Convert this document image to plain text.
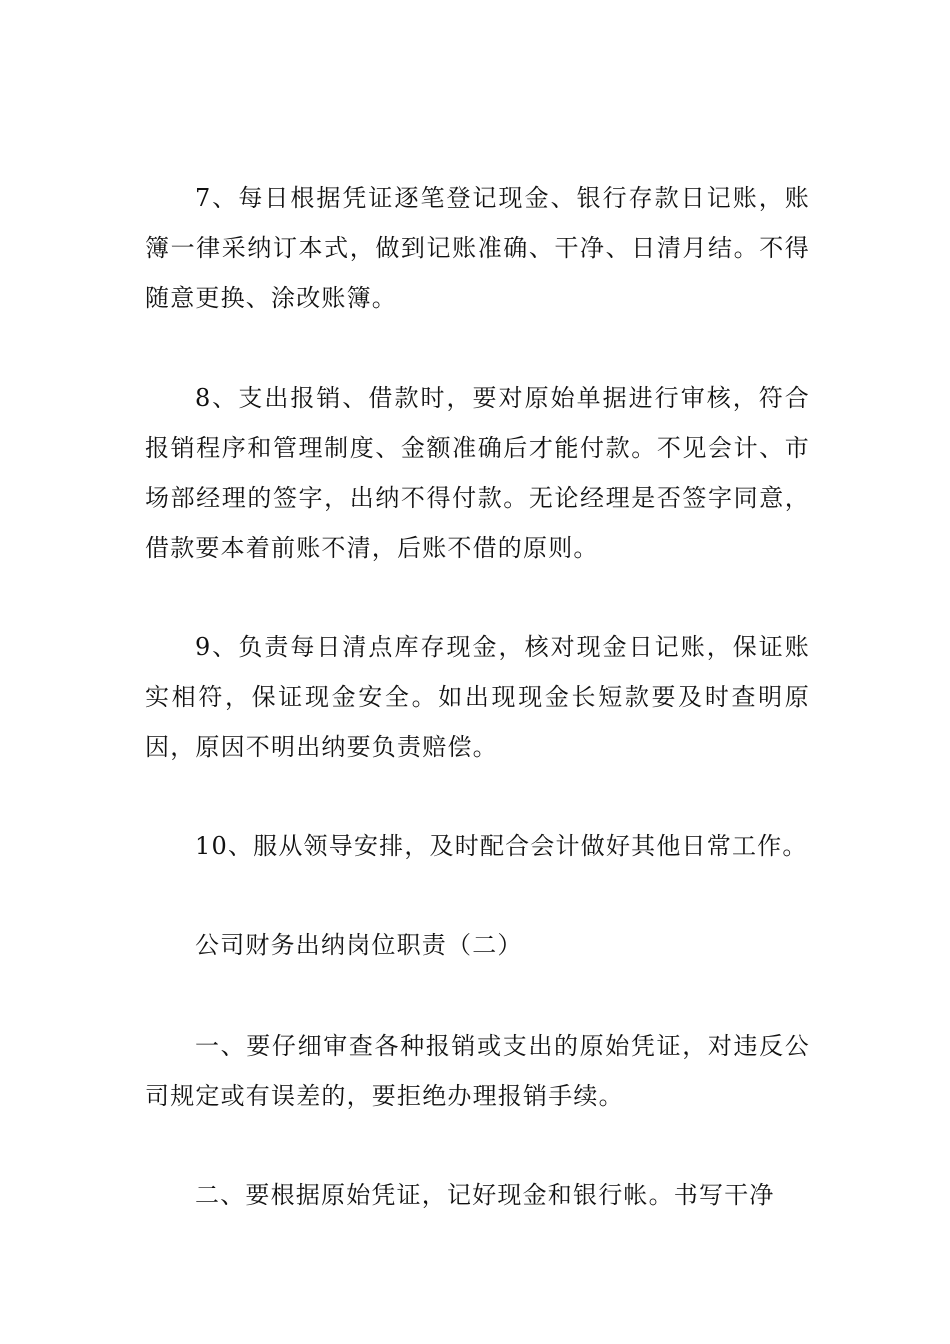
7、每日根据凭证逐笔登记现金、银行存款日记账，账簿一律采纳订本式，做到记账准确、干净、日清月结。不得随意更换、涂改账簿。

8、支出报销、借款时，要对原始单据进行审核，符合报销程序和管理制度、金额准确后才能付款。不见会计、市场部经理的签字，出纳不得付款。无论经理是否签字同意，借款要本着前账不清，后账不借的原则。

9、负责每日清点库存现金，核对现金日记账，保证账实相符，保证现金安全。如出现现金长短款要及时查明原因，原因不明出纳要负责赔偿。

10、服从领导安排，及时配合会计做好其他日常工作。

公司财务出纳岗位职责（二）

一、要仔细审查各种报销或支出的原始凭证，对违反公司规定或有误差的，要拒绝办理报销手续。

二、要根据原始凭证，记好现金和银行帐。书写干净
